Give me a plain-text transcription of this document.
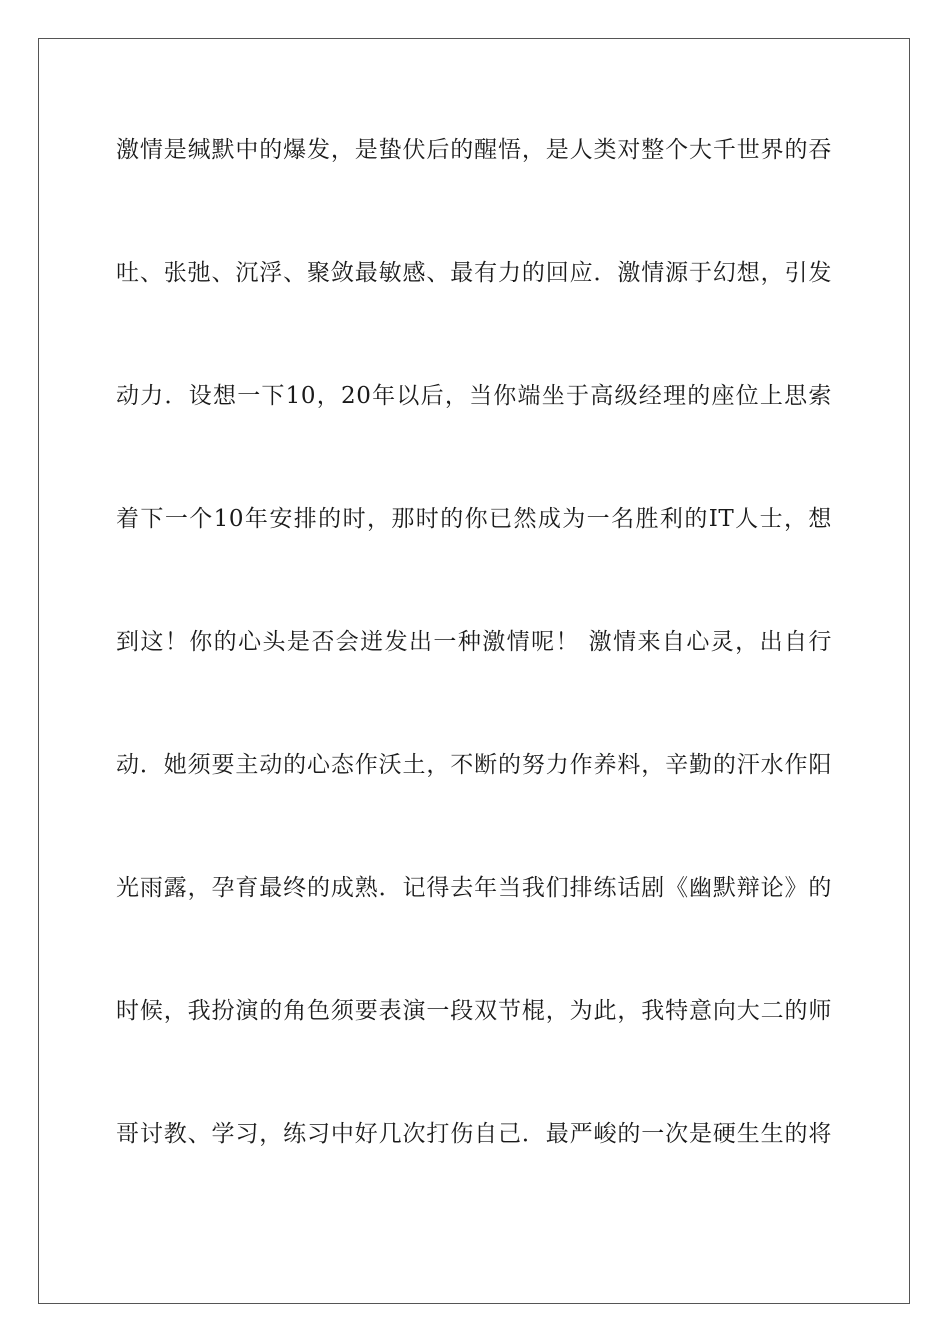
激情是缄默中的爆发，是蛰伏后的醒悟，是人类对整个大千世界的吞
吐、张弛、沉浮、聚敛最敏感、最有力的回应．激情源于幻想，引发
动力．设想一下10，20年以后，当你端坐于高级经理的座位上思索
着下一个10年安排的时，那时的你已然成为一名胜利的IT人士，想
到这！你的心头是否会迸发出一种激情呢！ 激情来自心灵，出自行
动．她须要主动的心态作沃土，不断的努力作养料，辛勤的汗水作阳
光雨露，孕育最终的成熟．记得去年当我们排练话剧《幽默辩论》的
时候，我扮演的角色须要表演一段双节棍，为此，我特意向大二的师
哥讨教、学习，练习中好几次打伤自己．最严峻的一次是硬生生的将
